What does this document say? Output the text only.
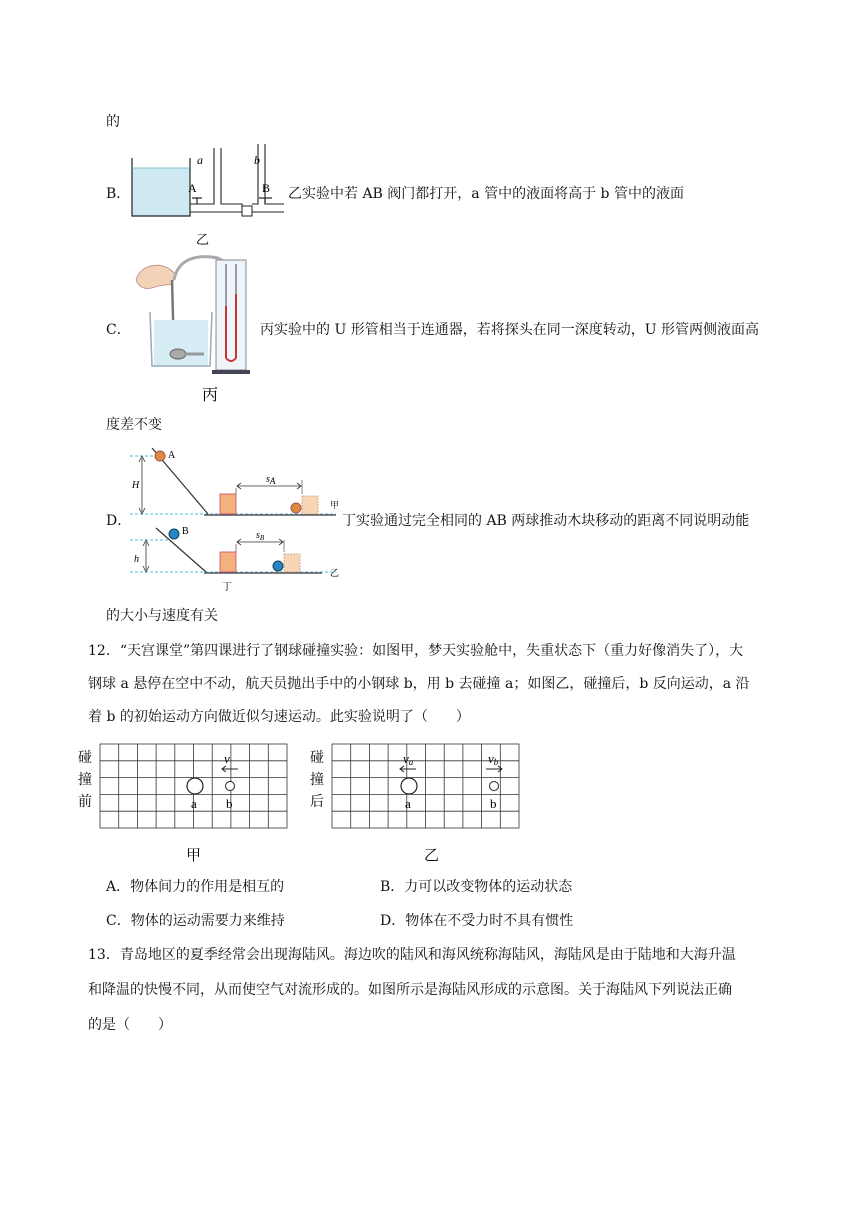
的
B．
a	b
A	B
乙
乙实验中若 AB 阀门都打开，a 管中的液面将高于 b 管中的液面
C．
丙
丙实验中的 U 形管相当于连通器，若将探头在同一深度转动，U 形管两侧液面高
度差不变
D．
A
H
sA
甲
B
h
$s_B$
乙
丁
丁实验通过完全相同的 AB 两球推动木块移动的距离不同说明动能
的大小与速度有关
12．“天宫课堂”第四课进行了钢球碰撞实验：如图甲，梦天实验舱中，失重状态下（重力好像消失了），大
钢球 a 悬停在空中不动，航天员抛出手中的小钢球 b，用 b 去碰撞 a；如图乙，碰撞后，b 反向运动，a 沿
着 b 的初始运动方向做近似匀速运动。此实验说明了（　　）
碰
撞
前
v
a b
甲
碰
撞
后
va	vb
a	b
乙
A．物体间力的作用是相互的	B．力可以改变物体的运动状态
C．物体的运动需要力来维持	D．物体在不受力时不具有惯性
13．青岛地区的夏季经常会出现海陆风。海边吹的陆风和海风统称海陆风，海陆风是由于陆地和大海升温
和降温的快慢不同，从而使空气对流形成的。如图所示是海陆风形成的示意图。关于海陆风下列说法正确
的是（　　）
